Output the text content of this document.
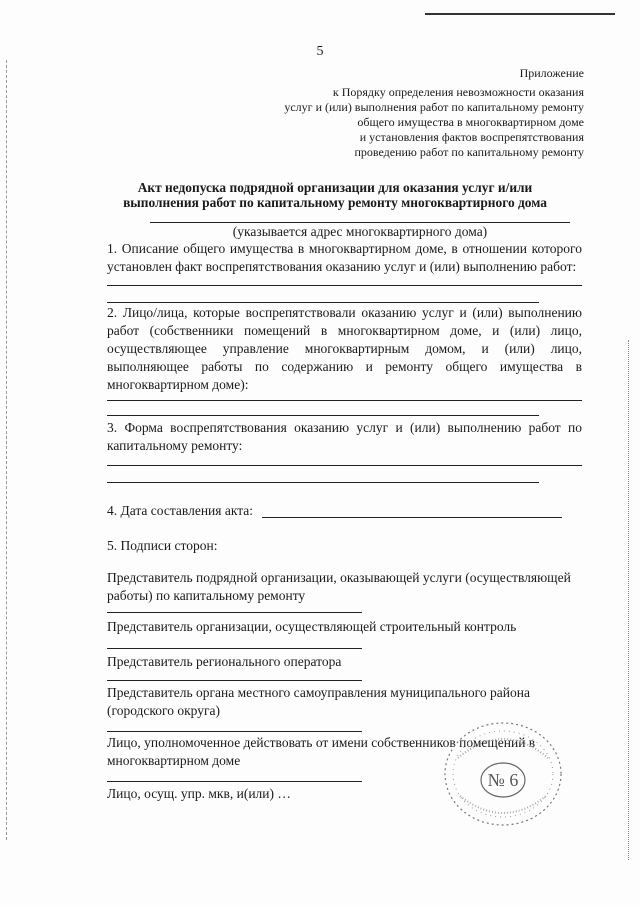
5
Приложение
к Порядку определения невозможности оказания
услуг и (или) выполнения работ по капитальному ремонту
общего имущества в многоквартирном доме
и установления фактов воспрепятствования
проведению работ по капитальному ремонту
Акт недопуска подрядной организации для оказания услуг и/или
выполнения работ по капитальному ремонту многоквартирного дома
(указывается адрес многоквартирного дома)
1. Описание общего имущества в многоквартирном доме, в отношении которого установлен факт воспрепятствования оказанию услуг и (или) выполнению работ:
2. Лицо/лица, которые воспрепятствовали оказанию услуг и (или) выполнению работ (собственники помещений в многоквартирном доме, и (или) лицо, осуществляющее управление многоквартирным домом, и (или) лицо, выполняющее работы по содержанию и ремонту общего имущества в многоквартирном доме):
3. Форма воспрепятствования оказанию услуг и (или) выполнению работ по капитальному ремонту:
4. Дата составления акта:
5. Подписи сторон:
Представитель подрядной организации, оказывающей услуги (осуществляющей работы) по капитальному ремонту
Представитель организации, осуществляющей строительный контроль
Представитель регионального оператора
Представитель органа местного самоуправления муниципального района (городского округа)
Лицо, уполномоченное действовать от имени собственников помещений в многоквартирном доме
Лицо, осущ. упр. мкв, и(или) …
№ 6
